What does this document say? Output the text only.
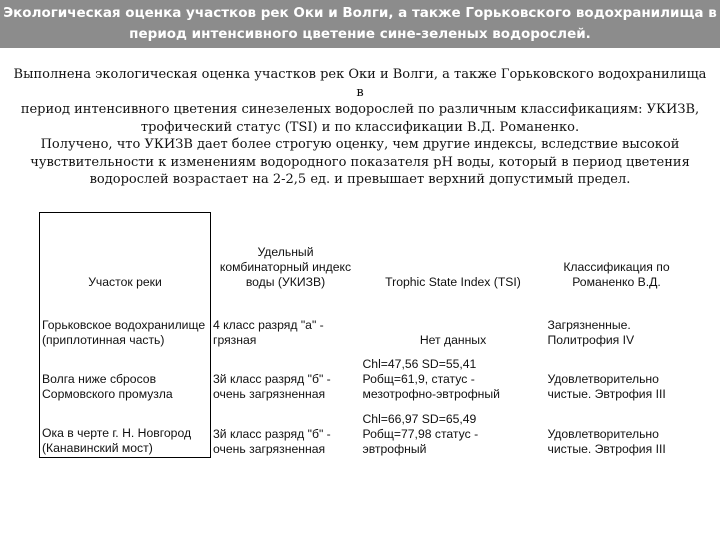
Экологическая оценка участков рек Оки и Волги, а также Горьковского водохранилища в
период интенсивного цветение сине-зеленых водорослей.
Выполнена экологическая оценка участков рек Оки и Волги, а также Горьковского водохранилища в
период интенсивного цветения синезеленых водорослей по различным классификациям: УКИЗВ,
трофический статус (TSI) и по классификации В.Д. Романенко.
Получено, что УКИЗВ дает более строгую оценку, чем другие индексы, вследствие высокой
чувствительности к изменениям водородного показателя рН воды, который в период цветения
водорослей возрастает на 2-2,5 ед. и превышает верхний допустимый предел.
Участок реки	Удельный комбинаторный индекс воды (УКИЗВ)	Trophic State Index (TSI)	Классификация по Романенко В.Д.
Горьковское водохранилище (приплотинная часть)	4 класс разряд "а" - грязная	Нет данных	Загрязненные. Политрофия IV
Волга ниже сбросов Сормовского промузла	3й класс разряд "б" - очень загрязненная	Chl=47,56 SD=55,41 Робщ=61,9, статус - мезотрофно-эвтрофный	Удовлетворительно чистые. Эвтрофия III
Ока в черте г. Н. Новгород (Канавинский мост)	3й класс разряд "б" - очень загрязненная	Chl=66,97 SD=65,49 Робщ=77,98 статус - эвтрофный	Удовлетворительно чистые. Эвтрофия III
